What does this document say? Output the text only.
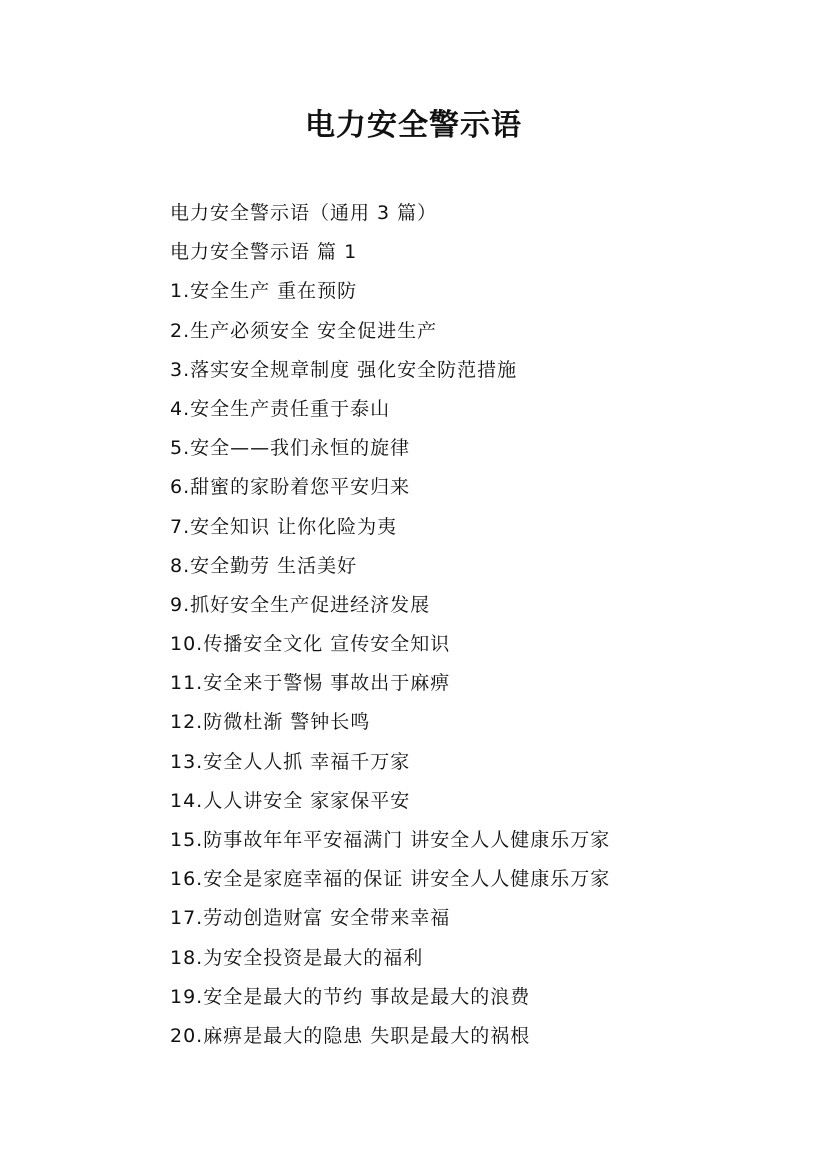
电力安全警示语
电力安全警示语（通用 3 篇）
电力安全警示语 篇 1
1.安全生产 重在预防
2.生产必须安全 安全促进生产
3.落实安全规章制度 强化安全防范措施
4.安全生产责任重于泰山
5.安全——我们永恒的旋律
6.甜蜜的家盼着您平安归来
7.安全知识 让你化险为夷
8.安全勤劳 生活美好
9.抓好安全生产促进经济发展
10.传播安全文化 宣传安全知识
11.安全来于警惕 事故出于麻痹
12.防微杜渐 警钟长鸣
13.安全人人抓 幸福千万家
14.人人讲安全 家家保平安
15.防事故年年平安福满门 讲安全人人健康乐万家
16.安全是家庭幸福的保证 讲安全人人健康乐万家
17.劳动创造财富 安全带来幸福
18.为安全投资是最大的福利
19.安全是最大的节约 事故是最大的浪费
20.麻痹是最大的隐患 失职是最大的祸根
